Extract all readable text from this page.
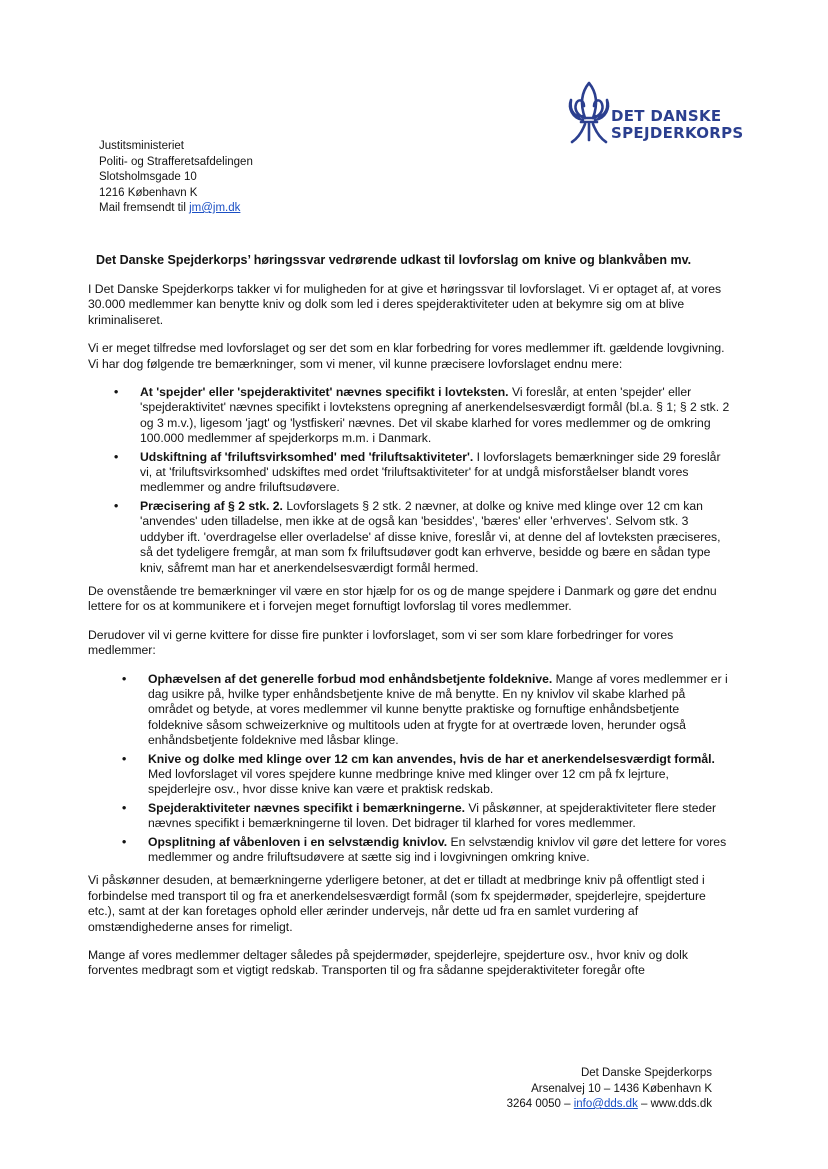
DET DANSKE
SPEJDERKORPS
Justitsministeriet
Politi- og Strafferetsafdelingen
Slotsholmsgade 10
1216 København K
Mail fremsendt til jm@jm.dk
Det Danske Spejderkorps’ høringssvar vedrørende udkast til lovforslag om knive og blankvåben mv.

I Det Danske Spejderkorps takker vi for muligheden for at give et høringssvar til lovforslaget. Vi er optaget af, at vores 30.000 medlemmer kan benytte kniv og dolk som led i deres spejderaktiviteter uden at bekymre sig om at blive kriminaliseret.

Vi er meget tilfredse med lovforslaget og ser det som en klar forbedring for vores medlemmer ift. gældende lovgivning. Vi har dog følgende tre bemærkninger, som vi mener, vil kunne præcisere lovforslaget endnu mere:

• At 'spejder' eller 'spejderaktivitet' nævnes specifikt i lovteksten. Vi foreslår, at enten 'spejder' eller 'spejderaktivitet' nævnes specifikt i lovtekstens opregning af anerkendelsesværdigt formål (bl.a. § 1; § 2 stk. 2 og 3 m.v.), ligesom 'jagt' og 'lystfiskeri' nævnes. Det vil skabe klarhed for vores medlemmer og de omkring 100.000 medlemmer af spejderkorps m.m. i Danmark.
• Udskiftning af 'friluftsvirksomhed' med 'friluftsaktiviteter'. I lovforslagets bemærkninger side 29 foreslår vi, at 'friluftsvirksomhed' udskiftes med ordet 'friluftsaktiviteter' for at undgå misforståelser blandt vores medlemmer og andre friluftsudøvere.
• Præcisering af § 2 stk. 2. Lovforslagets § 2 stk. 2 nævner, at dolke og knive med klinge over 12 cm kan 'anvendes' uden tilladelse, men ikke at de også kan 'besiddes', 'bæres' eller 'erhverves'. Selvom stk. 3 uddyber ift. 'overdragelse eller overladelse' af disse knive, foreslår vi, at denne del af lovteksten præciseres, så det tydeligere fremgår, at man som fx friluftsudøver godt kan erhverve, besidde og bære en sådan type kniv, såfremt man har et anerkendelsesværdigt formål hermed.

De ovenstående tre bemærkninger vil være en stor hjælp for os og de mange spejdere i Danmark og gøre det endnu lettere for os at kommunikere et i forvejen meget fornuftigt lovforslag til vores medlemmer.

Derudover vil vi gerne kvittere for disse fire punkter i lovforslaget, som vi ser som klare forbedringer for vores medlemmer:

• Ophævelsen af det generelle forbud mod enhåndsbetjente foldeknive. Mange af vores medlemmer er i dag usikre på, hvilke typer enhåndsbetjente knive de må benytte. En ny knivlov vil skabe klarhed på området og betyde, at vores medlemmer vil kunne benytte praktiske og fornuftige enhåndsbetjente foldeknive såsom schweizerknive og multitools uden at frygte for at overtræde loven, herunder også enhåndsbetjente foldeknive med låsbar klinge.
• Knive og dolke med klinge over 12 cm kan anvendes, hvis de har et anerkendelsesværdigt formål. Med lovforslaget vil vores spejdere kunne medbringe knive med klinger over 12 cm på fx lejrture, spejderlejre osv., hvor disse knive kan være et praktisk redskab.
• Spejderaktiviteter nævnes specifikt i bemærkningerne. Vi påskønner, at spejderaktiviteter flere steder nævnes specifikt i bemærkningerne til loven. Det bidrager til klarhed for vores medlemmer.
• Opsplitning af våbenloven i en selvstændig knivlov. En selvstændig knivlov vil gøre det lettere for vores medlemmer og andre friluftsudøvere at sætte sig ind i lovgivningen omkring knive.

Vi påskønner desuden, at bemærkningerne yderligere betoner, at det er tilladt at medbringe kniv på offentligt sted i forbindelse med transport til og fra et anerkendelsesværdigt formål (som fx spejdermøder, spejderlejre, spejderture etc.), samt at der kan foretages ophold eller ærinder undervejs, når dette ud fra en samlet vurdering af omstændighederne anses for rimeligt.

Mange af vores medlemmer deltager således på spejdermøder, spejderlejre, spejderture osv., hvor kniv og dolk forventes medbragt som et vigtigt redskab. Transporten til og fra sådanne spejderaktiviteter foregår ofte

Det Danske Spejderkorps
Arsenalvej 10 – 1436 København K
3264 0050 – info@dds.dk – www.dds.dk
